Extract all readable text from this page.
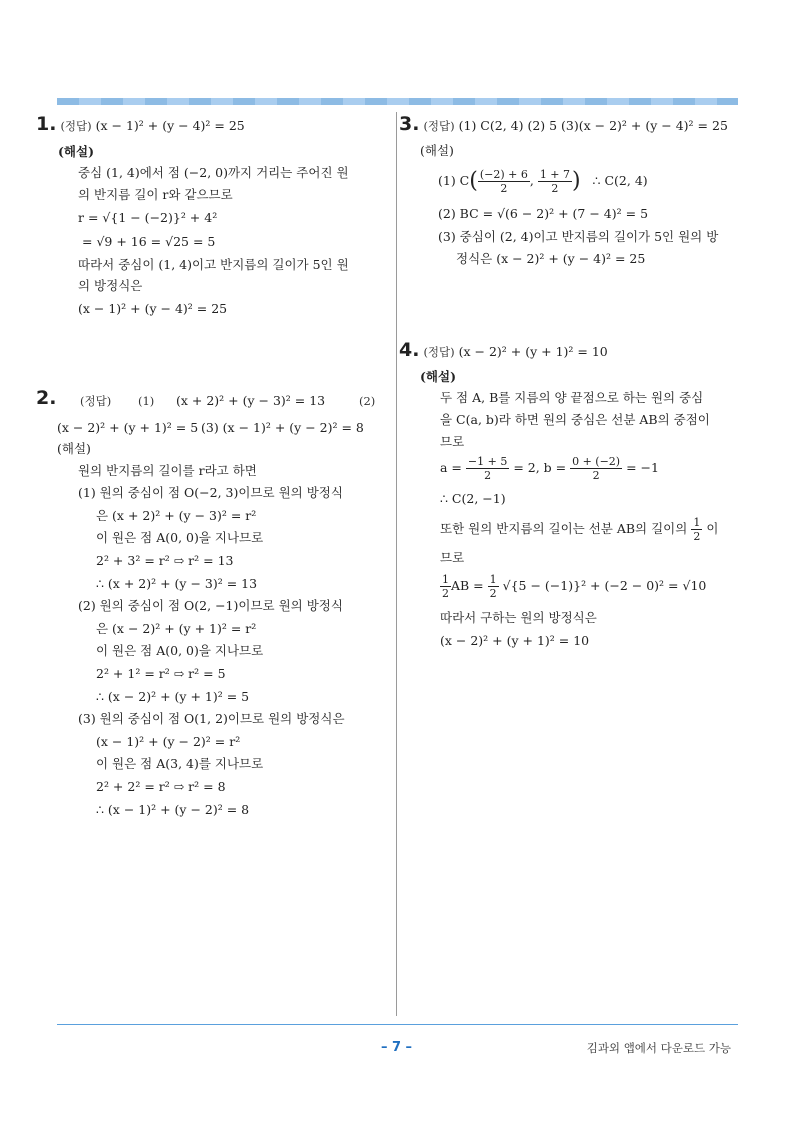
1. (정답) (x − 1)² + (y − 4)² = 25
(해설)
중심 (1, 4)에서 점 (−2, 0)까지 거리는 주어진 원
의 반지름 길이 r와 같으므로
r = √{1 − (−2)}² + 4²
= √9 + 16 = √25 = 5
따라서 중심이 (1, 4)이고 반지름의 길이가 5인 원
의 방정식은
(x − 1)² + (y − 4)² = 25
2. (정답) (1) (x + 2)² + (y − 3)² = 13	(2)
(x − 2)² + (y + 1)² = 5 (3) (x − 1)² + (y − 2)² = 8
(해설)
원의 반지름의 길이를 r라고 하면
(1) 원의 중심이 점 O(−2, 3)이므로 원의 방정식
은 (x + 2)² + (y − 3)² = r²
이 원은 점 A(0, 0)을 지나므로
2² + 3² = r² ⇨ r² = 13
∴ (x + 2)² + (y − 3)² = 13
(2) 원의 중심이 점 O(2, −1)이므로 원의 방정식
은 (x − 2)² + (y + 1)² = r²
이 원은 점 A(0, 0)을 지나므로
2² + 1² = r² ⇨ r² = 5
∴ (x − 2)² + (y + 1)² = 5
(3) 원의 중심이 점 O(1, 2)이므로 원의 방정식은
(x − 1)² + (y − 2)² = r²
이 원은 점 A(3, 4)를 지나므로
2² + 2² = r² ⇨ r² = 8
∴ (x − 1)² + (y − 2)² = 8
3. (정답) (1) C(2, 4) (2) 5 (3)(x − 2)² + (y − 4)² = 25
(해설)
(1) $C( \frac{(-2) + 6}{2}$ , $\frac{1 + 7}{2}$ ) ∴ C(2, 4)
(2) BC = √(6 − 2)² + (7 − 4)² = 5
(3) 중심이 (2, 4)이고 반지름의 길이가 5인 원의 방
정식은 (x − 2)² + (y − 4)² = 25
4. (정답) (x − 2)² + (y + 1)² = 10
(해설)
두 점 A, B를 지름의 양 끝점으로 하는 원의 중심
을 C(a, b)라 하면 원의 중심은 선분 AB의 중점이
므로
$a = \frac{-1 + 5}{2} = 2$, $b = \frac{0 + (-2)}{2} = -1$
∴ C(2, −1)
또한 원의 반지름의 길이는 선분 AB의 길이의 $\frac{1}{2}$ 이
므로
$\frac{1}{2}$ AB = $\frac{1}{2} √\{5 - (-1)\}^2 + (-2 - 0)^2 = √10$
따라서 구하는 원의 방정식은
(x − 2)² + (y + 1)² = 10
– 7 –	김과외 앱에서 다운로드 가능
